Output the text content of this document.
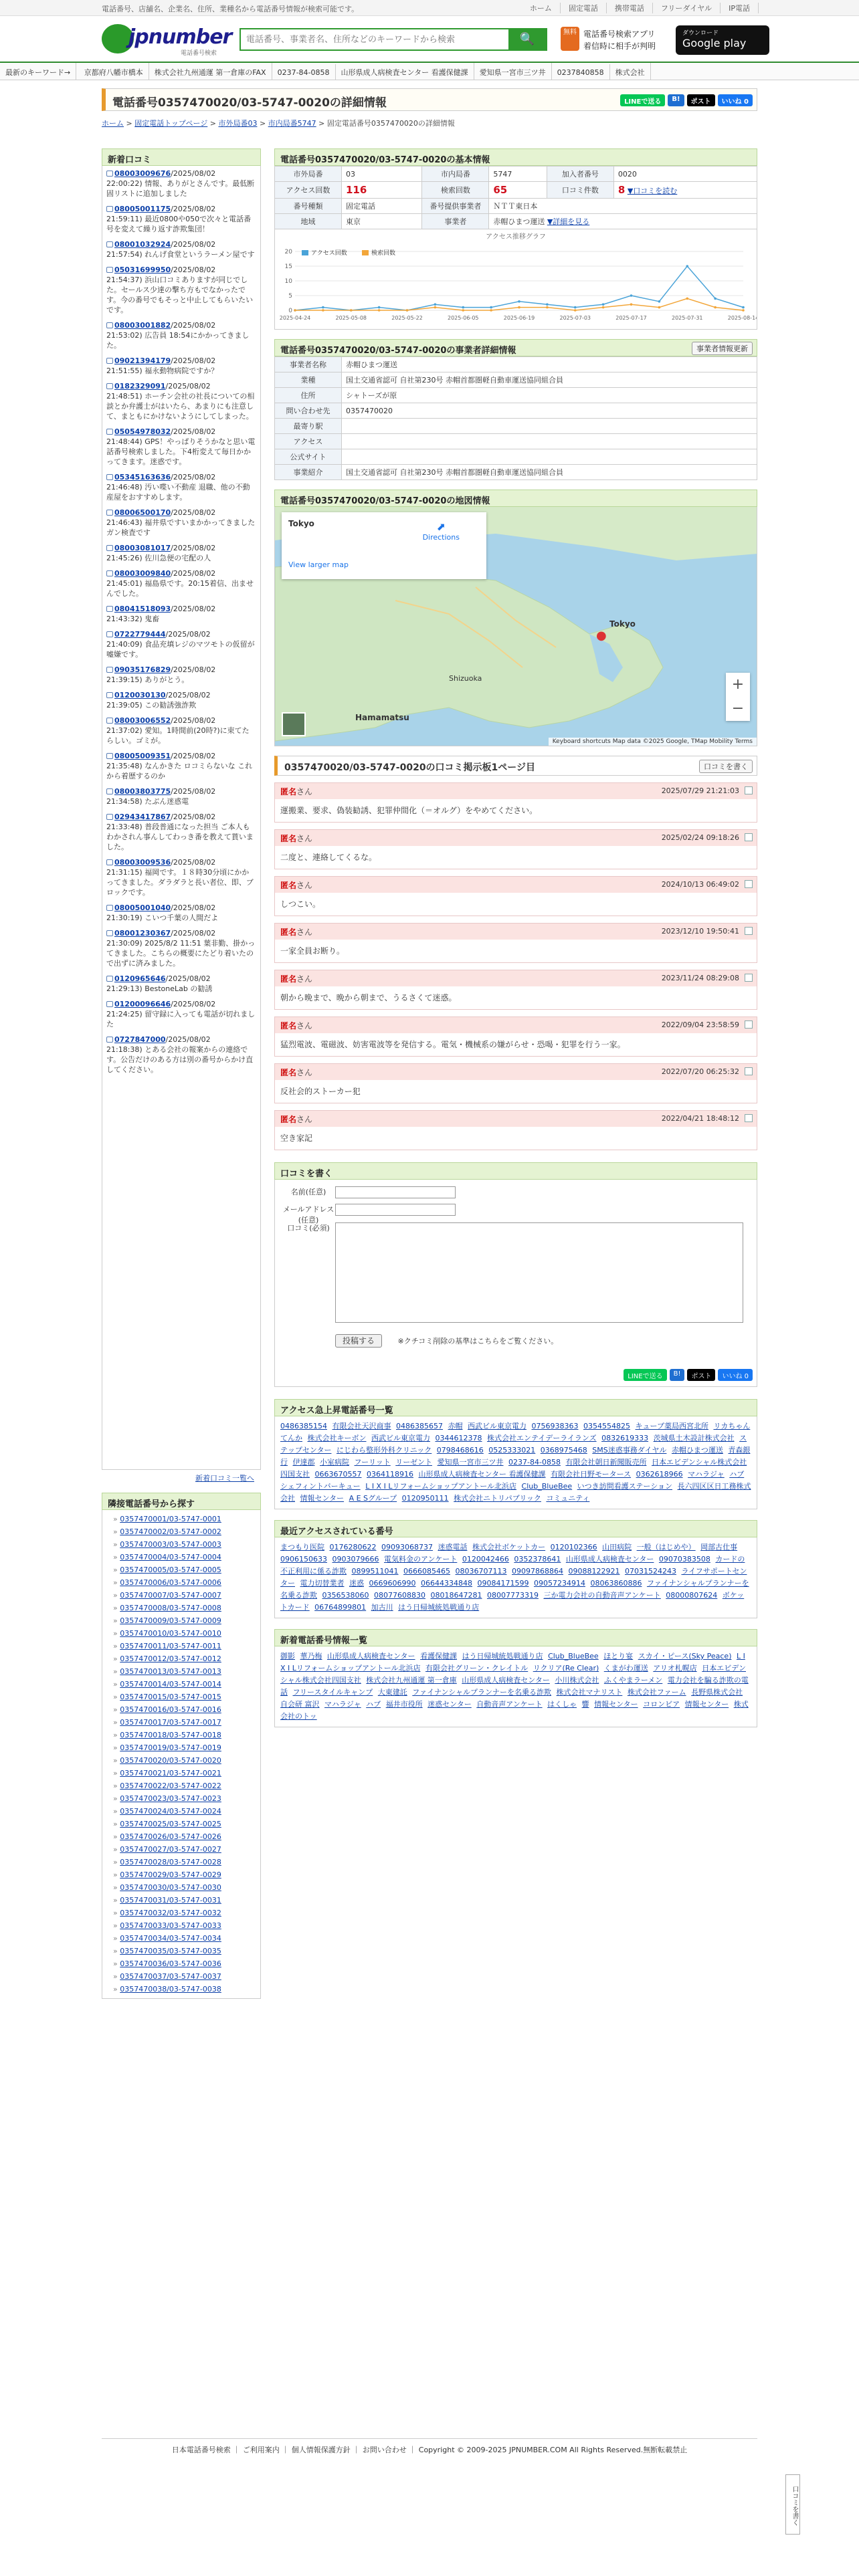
電話番号、店舗名、企業名、住所、業種名から電話番号情報が検索可能です。	ホーム	固定電話	携帯電話	フリーダイヤル	IP電話
jpnumber
電話番号検索
電話番号、事業者名、住所などのキーワードから検索
🔍	無料 電話番号検索アプリ
着信時に相手が判明
ダウンロード
Google play
最新のキーワード→ 京都府八幡市橋本 株式会社九州通運 第一倉庫のFAX 0237-84-0858 山形県成人病検査センター 看護保健課 愛知県一宮市三ツ井 0237840858 株式会社
電話番号0357470020/03-5747-0020の詳細情報	LINEで送る	B!	ポスト	いいね 0
ホーム > 固定電話トップページ > 市外局番03 > 市内局番5747 > 固定電話番号0357470020の詳細情報
新着口コミ
08003009676/2025/08/02
22:00:22) 情報、ありがとさんです。最低断固リストに追加しました
08005001175/2025/08/02
21:59:11) 最近0800や050で次々と電話番号を変えて繰り返す詐欺集団！
08001032924/2025/08/02
21:57:54) れんげ食堂というラーメン屋です
05031699950/2025/08/02
21:54:37) 浜山口コミありますが同じでした。セールス少達の撃ち方もでなかったです。今の番号でもそっと中止してもらいたいです。
08003001882/2025/08/02
21:53:02) 広告員 18:54にかかってきました。
09021394179/2025/08/02
21:51:55) 福永動物病院ですか？
0182329091/2025/08/02
21:48:51) ホーチン会社の社長についての相談とか弁護士がはいたら、あまりにも注意して、まともにかけないようにしてしまった。
05054978032/2025/08/02
21:48:44) GPS！やっぱりそうかなと思い電話番号検索しました。下4桁変えて毎日かかってきます。迷惑です。
05345163636/2025/08/02
21:46:48) 汚い喋い不動産 退職、他の不動産屋をおすすめします。
08006500170/2025/08/02
21:46:43) 福井県ですいまかかってきました ガン検査です
08003081017/2025/08/02
21:45:26) 佐川急便の宅配の人
08003009840/2025/08/02
21:45:01) 福島県です。20:15着信、出ませんでした。
08041518093/2025/08/02
21:43:32) 鬼畜
0722779444/2025/08/02
21:40:09) 食品充填レジのマツモトの仮留が嘘嫌です。
09035176829/2025/08/02
21:39:15) ありがとう。
0120030130/2025/08/02
21:39:05) この勧誘強詐欺
08003006552/2025/08/02
21:37:02) 愛知。1時間前(20時?)に束てたらしい。ゴミが。
08005009351/2025/08/02
21:35:48) なんかきた ロコミらないな これから着歴するのか
08003803775/2025/08/02
21:34:58) たぶん迷惑電
02943417867/2025/08/02
21:33:48) 普段普通になった担当 ご本人もわかされん事んしてわっき番を教えて貰いました。
08003009536/2025/08/02
21:31:15) 福岡です。１８時30分頃にかかってきました。ダラダラと長い者位、即、ブロックです。
08005001040/2025/08/02
21:30:19) こいつ千葉の人間だよ
08001230367/2025/08/02
21:30:09) 2025/8/2 11:51 葉非勤、掛かってきました。こちらの概要にたどり着いたので出ずに済みました。
0120965646/2025/08/02
21:29:13) BestoneLab の勧誘
01200096646/2025/08/02
21:24:25) 留守録に入っても電話が切れました
0727847000/2025/08/02
21:18:38) とある会社の報案からの連絡です。公告だけのある方は別の番号からかけ直してください。
新着口コミ一覧へ
隣接電話番号から探す
» 0357470001/03-5747-0001
» 0357470002/03-5747-0002
» 0357470003/03-5747-0003
» 0357470004/03-5747-0004
» 0357470005/03-5747-0005
» 0357470006/03-5747-0006
» 0357470007/03-5747-0007
» 0357470008/03-5747-0008
» 0357470009/03-5747-0009
» 0357470010/03-5747-0010
» 0357470011/03-5747-0011
» 0357470012/03-5747-0012
» 0357470013/03-5747-0013
» 0357470014/03-5747-0014
» 0357470015/03-5747-0015
» 0357470016/03-5747-0016
» 0357470017/03-5747-0017
» 0357470018/03-5747-0018
» 0357470019/03-5747-0019
» 0357470020/03-5747-0020
» 0357470021/03-5747-0021
» 0357470022/03-5747-0022
» 0357470023/03-5747-0023
» 0357470024/03-5747-0024
» 0357470025/03-5747-0025
» 0357470026/03-5747-0026
» 0357470027/03-5747-0027
» 0357470028/03-5747-0028
» 0357470029/03-5747-0029
» 0357470030/03-5747-0030
» 0357470031/03-5747-0031
» 0357470032/03-5747-0032
» 0357470033/03-5747-0033
» 0357470034/03-5747-0034
» 0357470035/03-5747-0035
» 0357470036/03-5747-0036
» 0357470037/03-5747-0037
» 0357470038/03-5747-0038
電話番号0357470020/03-5747-0020の基本情報
市外局番	03	市内局番	5747	加入者番号	0020
アクセス回数	116	検索回数	65	口コミ件数	8 ▼口コミを読む
番号種類	固定電話	番号提供事業者	ＮＴＴ東日本		
地域	東京	事業者	赤帽ひまつ運送 ▼詳細を見る		
アクセス推移グラフ
0
5
10
15
20
2025-04-24	2025-05-08	2025-05-22	2025-06-05	2025-06-19	2025-07-03	2025-07-17	2025-07-31	2025-08-14
アクセス回数	検索回数
電話番号0357470020/03-5747-0020の事業者詳細情報	事業者情報更新
事業者名称	赤帽ひまつ運送
業種	国土交通省認可 自社第230号 赤帽首都圏軽自動車運送協同組合員
住所	シャトーズが原
問い合わせ先	0357470020
最寄り駅	
アクセス	
公式サイト	
事業紹介	国土交通省認可 自社第230号 赤帽首都圏軽自動車運送協同組合員
電話番号0357470020/03-5747-0020の地図情報
Tokyo	⬈
Directions
View larger map
Tokyo
●
Hamamatsu
Shizuoka	+
−
Keyboard shortcuts Map data ©2025 Google, TMap Mobility Terms
0357470020/03-5747-0020の口コミ掲示板1ページ目	口コミを書く
匿名さん	2025/07/29 21:21:03
運搬業、要求、偽装勧誘、犯罪仲間化（＝オルグ）をやめてください。
匿名さん	2025/02/24 09:18:26
二度と、連絡してくるな。
匿名さん	2024/10/13 06:49:02
しつこい。
匿名さん	2023/12/10 19:50:41
一家全員お断り。
匿名さん	2023/11/24 08:29:08
朝から晩まで、晩から朝まで、うるさくて迷惑。
匿名さん	2022/09/04 23:58:59
猛烈電波、電磁波、妨害電波等を発信する。電気・機械系の嫌がらせ・恐喝・犯罪を行う一家。
匿名さん	2022/07/20 06:25:32
反社会的ストーカー犯
匿名さん	2022/04/21 18:48:12
空き家記
口コミを書く
名前(任意)
メールアドレス(任意)
口コミ(必須)
投稿する	※クチコミ削除の基準はこちらをご覧ください。
LINEで送る	B!	ポスト	いいね 0
アクセス急上昇電話番号一覧
0486385154 有限会社天沢商事 0486385657 赤帽 西武ビル東京電力 0756938363 0354554825 キューブ薬局西宮北所 リカちゃんてんか 株式会社キーボン 西武ビル東京電力 0344612378 株式会社エンテイデーライランズ 0832619333 茨城県土木設計株式会社 ステップセンター にじわら整形外科クリニック 0798468616 0525333021 0368975468 SMS迷惑事務ダイヤル 赤帽ひまつ運送 青森銀行 伊達郡 小室病院 フーリット リーゼント 愛知県一宮市三ツ井 0237-84-0858 有限会社朝日新聞販売所 日本エビデンシャル株式会社四国支社 0663670557 0364118916 山形県成人病検査センター 看護保健課 有限会社日野モータース 0362618966 マハラジャ ハブ シェフィントバーキュー L I X I Lリフォームショップアントール北浜店 Club_BlueBee いつき訪問看護ステーション 長六四区区日工務株式会社 情報センター A E Sグループ 0120950111 株式会社ニトリパブリック コミュニティ
最近アクセスされている番号
まつもり医院 0176280622 09093068737 迷惑電話 株式会社ボケットカー 0120102366 山田病院 一般（はじめや） 岡部古仕事 0906150633 0903079666 電気料金のアンケート 0120042466 0352378641 山形県成人病検査センター 09070383508 カードの不正利用に係る詐欺 0899511041 0666085465 08036707113 09097868864 09088122921 07031524243 ライフサポートセンター 電力切替業者 迷惑 0669606990 06644334848 09084171599 09057234914 08063860886 ファイナンシャルプランナーを名乗る詐欺 0356538060 08077608830 08018647281 08007773319 三か電力会社の自動音声アンケート 08000807624 ボケットカード 06764899801 加古川 はう日帰城統処戦通り店
新着電話番号情報一覧
御影 華乃梅 山形県成人病検査センター 看護保健課 はう日帰城統処戦通り店 Club_BlueBee ほとり宴 スカイ・ピース(Sky Peace) L I X I Lリフォームショップアントール北浜店 有限会社グリーン・クレイトル リクリア(Re Clear) くまがわ運送 アリオ札幌店 日本エビデンシャル株式会社四国支社 株式会社九州通運 第一倉庫 山形県成人病検査センター 小川株式会社 ふくやまラーメン 電力会社を騙る詐欺の電話 フリースタイルキャンプ 大東建託 ファイナンシャルプランナーを名乗る詐欺 株式会社マナリスト 株式会社ファーム 長野県株式会社 自会研 富沢 マハラジャ ハブ 福井市役所 迷惑センター 自動音声アンケート はくしゃ 響 情報センター コロンビア 情報センター 株式会社のトッ
日本電話番号検索 ｜ ご利用案内 ｜ 個人情報保護方針 ｜ お問い合わせ ｜ Copyright © 2009-2025 JPNUMBER.COM All Rights Reserved.無断転載禁止
口コミを書く
